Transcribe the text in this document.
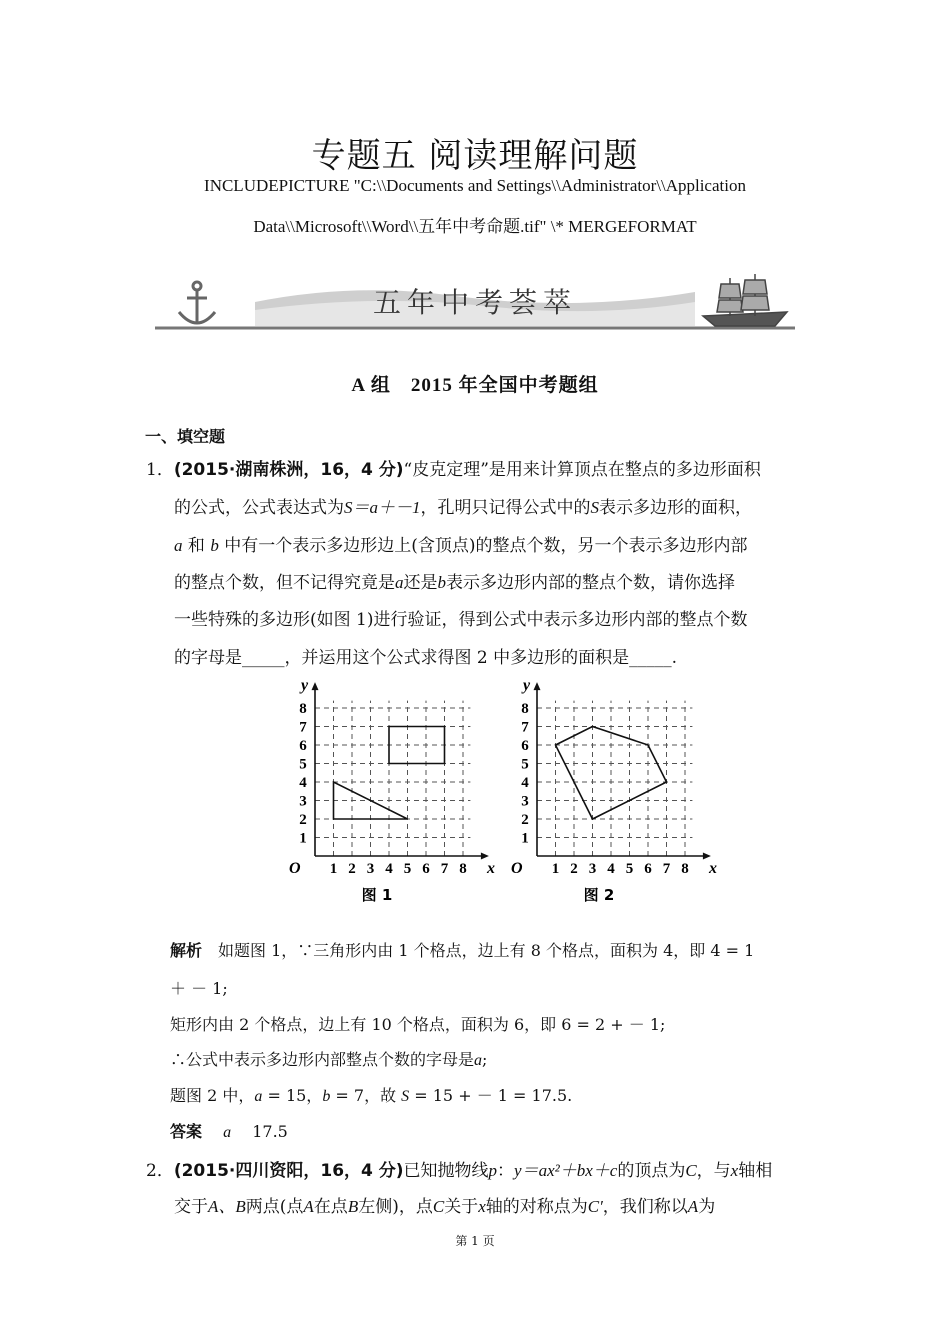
专题五 阅读理解问题
INCLUDEPICTURE "C:\\Documents and Settings\\Administrator\\Application
Data\\Microsoft\\Word\\五年中考命题.tif" \* MERGEFORMAT
五年中考荟萃
A 组　2015 年全国中考题组
一、填空题
1．(2015·湖南株洲，16，4 分)“皮克定理”是用来计算顶点在整点的多边形面积
的公式，公式表达式为S＝a＋－1，孔明只记得公式中的S表示多边形的面积，
a 和 b 中有一个表示多边形边上(含顶点)的整点个数，另一个表示多边形内部
的整点个数，但不记得究竟是a还是b表示多边形内部的整点个数，请你选择
一些特殊的多边形(如图 1)进行验证，得到公式中表示多边形内部的整点个数
的字母是_____，并运用这个公式求得图 2 中多边形的面积是_____.
1 2 3 4 5 6 7 8
1
2
3
4
5
6
7
8
O	x
y
1 2 3 4 5 6 7 8
1
2
3
4
5
6
7
8
O	x
y
图 1	图 2
解析　 如题图 1，∵三角形内由 1 个格点，边上有 8 个格点，面积为 4，即 4 = 1
＋ － 1;
矩形内由 2 个格点，边上有 10 个格点，面积为 6，即 6 = 2 + － 1;
∴公式中表示多边形内部整点个数的字母是a;
题图 2 中，a = 15，b = 7，故 S = 15 + － 1 = 17.5.
答案　 a　 17.5
2．(2015·四川资阳，16，4 分)已知抛物线p：y＝ax²＋bx＋c的顶点为C，与x轴相
交于A、B两点(点A在点B左侧)，点C关于x轴的对称点为C′，我们称以A为
第 1 页
